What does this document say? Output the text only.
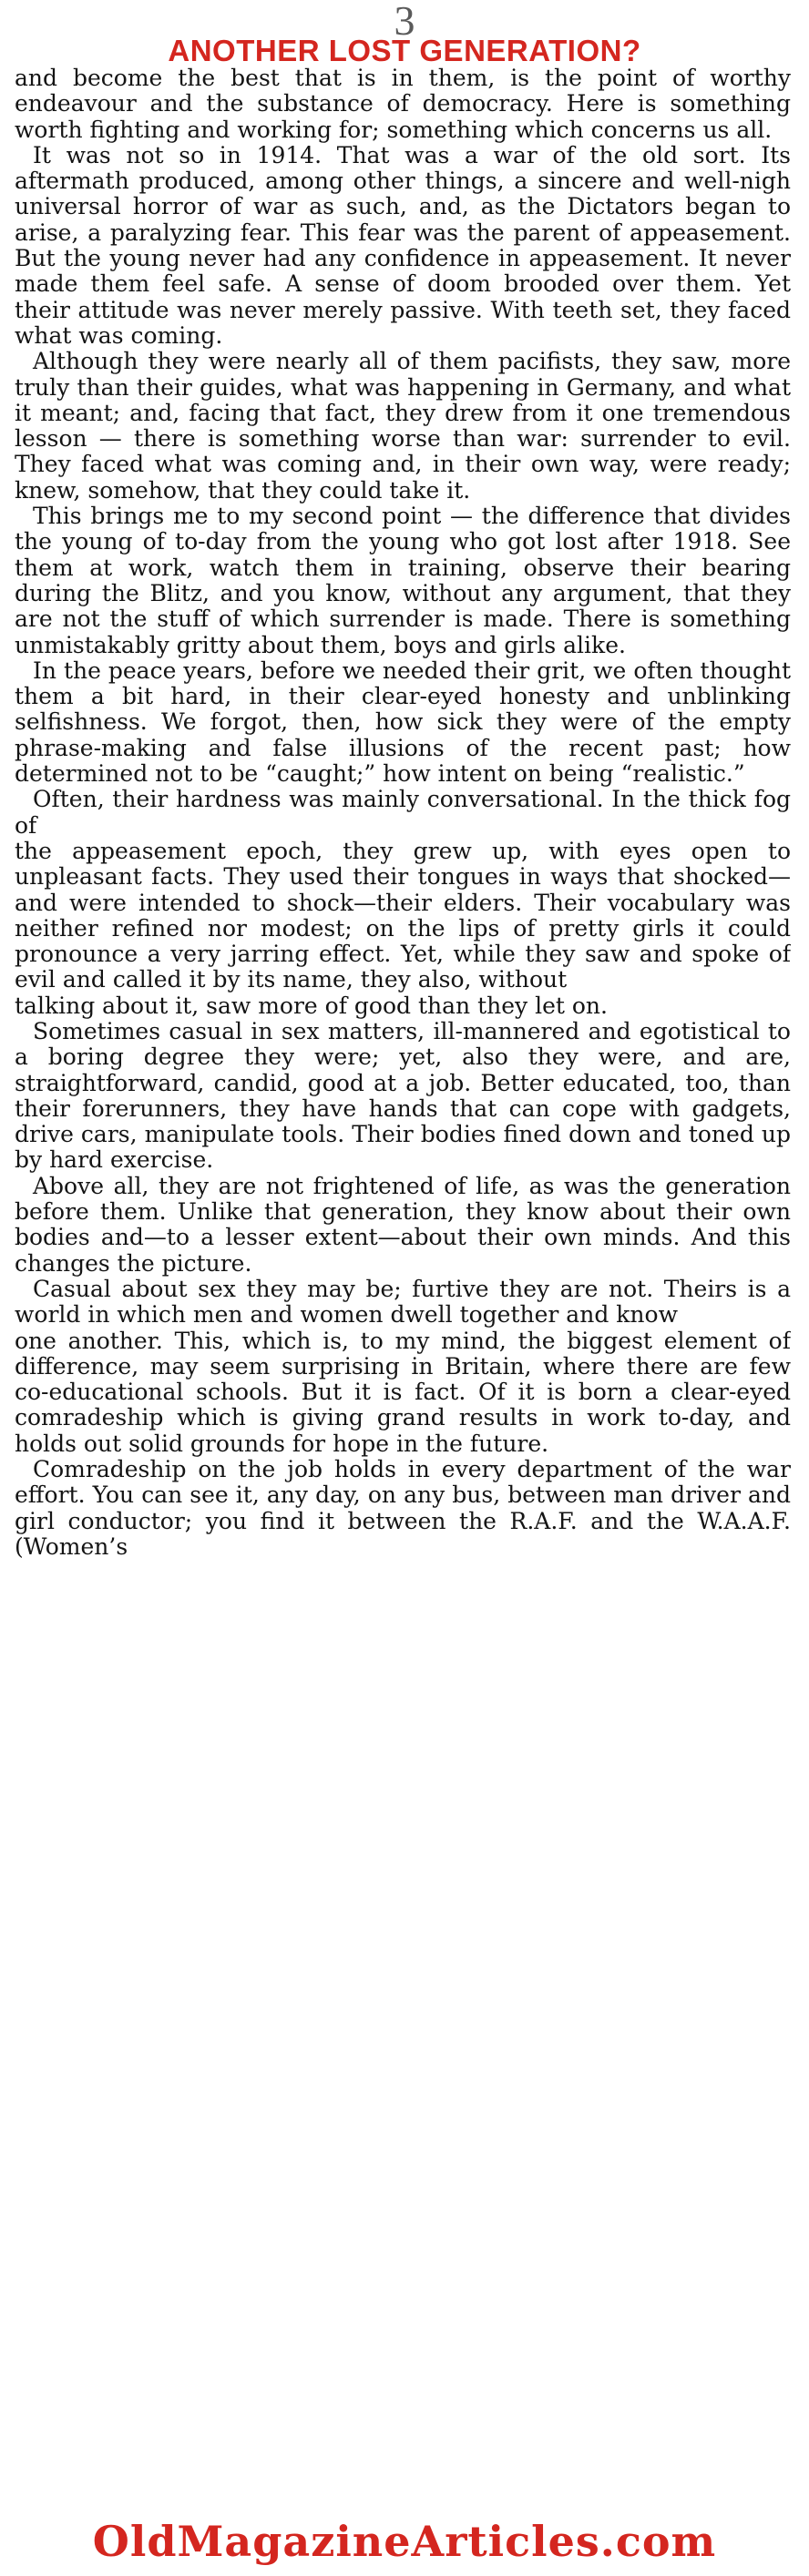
3
ANOTHER LOST GENERATION?

and become the best that is in them, is the point of worthy endeavour and the substance of democracy. Here is something worth fighting and working for; something which concerns us all.

It was not so in 1914. That was a war of the old sort. Its aftermath produced, among other things, a sincere and well-nigh universal horror of war as such, and, as the Dictators began to arise, a paralyzing fear. This fear was the parent of appeasement. But the young never had any confidence in appeasement. It never made them feel safe. A sense of doom brooded over them. Yet their attitude was never merely passive. With teeth set, they faced what was coming.

Although they were nearly all of them pacifists, they saw, more truly than their guides, what was happening in Germany, and what it meant; and, facing that fact, they drew from it one tremendous lesson — there is something worse than war: surrender to evil. They faced what was coming and, in their own way, were ready; knew, somehow, that they could take it.

This brings me to my second point — the difference that divides the young of to-day from the young who got lost after 1918. See them at work, watch them in training, observe their bearing during the Blitz, and you know, without any argument, that they are not the stuff of which surrender is made. There is something unmistakably gritty about them, boys and girls alike.

In the peace years, before we needed their grit, we often thought them a bit hard, in their clear-eyed honesty and unblinking selfishness. We forgot, then, how sick they were of the empty phrase-making and false illusions of the recent past; how determined not to be “caught;” how intent on being “realistic.”

Often, their hardness was mainly conversational. In the thick fog of

the appeasement epoch, they grew up, with eyes open to unpleasant facts. They used their tongues in ways that shocked—and were intended to shock—their elders. Their vocabulary was neither refined nor modest; on the lips of pretty girls it could pronounce a very jarring effect. Yet, while they saw and spoke of evil and called it by its name, they also, without

talking about it, saw more of good than they let on.

Sometimes casual in sex matters, ill-mannered and egotistical to a boring degree they were; yet, also they were, and are, straightforward, candid, good at a job. Better educated, too, than their forerunners, they have hands that can cope with gadgets, drive cars, manipulate tools. Their bodies fined down and toned up by hard exercise.

Above all, they are not frightened of life, as was the generation before them. Unlike that generation, they know about their own bodies and—to a lesser extent—about their own minds. And this changes the picture.

Casual about sex they may be; furtive they are not. Theirs is a world in which men and women dwell together and know

one another. This, which is, to my mind, the biggest element of difference, may seem surprising in Britain, where there are few co-educational schools. But it is fact. Of it is born a clear-eyed comradeship which is giving grand results in work to-day, and holds out solid grounds for hope in the future.

Comradeship on the job holds in every department of the war effort. You can see it, any day, on any bus, between man driver and girl conductor; you find it between the R.A.F. and the W.A.A.F. (Women’s

OldMagazineArticles.com
